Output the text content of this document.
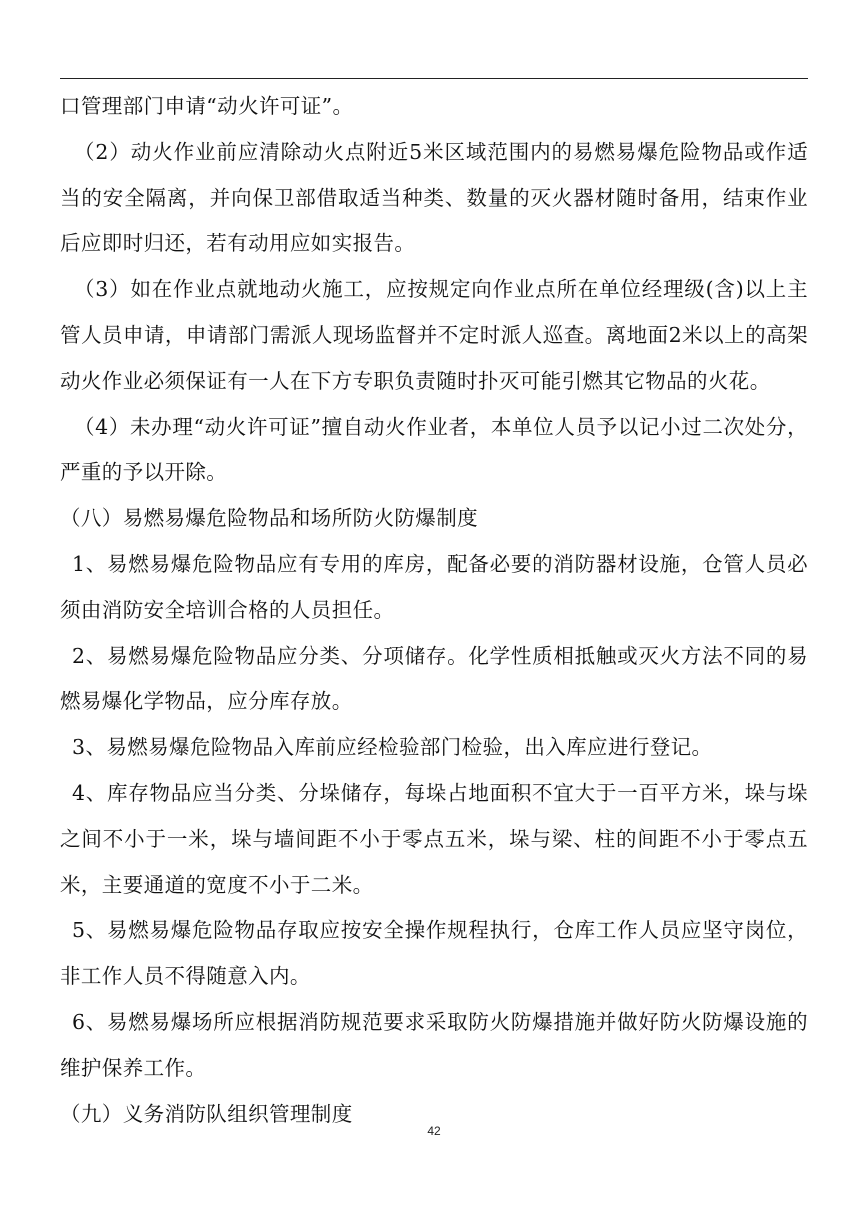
口管理部门申请“动火许可证”。

（2）动火作业前应清除动火点附近5米区域范围内的易燃易爆危险物品或作适当的安全隔离，并向保卫部借取适当种类、数量的灭火器材随时备用，结束作业后应即时归还，若有动用应如实报告。

（3）如在作业点就地动火施工，应按规定向作业点所在单位经理级(含)以上主管人员申请，申请部门需派人现场监督并不定时派人巡查。离地面2米以上的高架动火作业必须保证有一人在下方专职负责随时扑灭可能引燃其它物品的火花。

（4）未办理“动火许可证”擅自动火作业者，本单位人员予以记小过二次处分，严重的予以开除。

（八）易燃易爆危险物品和场所防火防爆制度

1、易燃易爆危险物品应有专用的库房，配备必要的消防器材设施，仓管人员必须由消防安全培训合格的人员担任。

2、易燃易爆危险物品应分类、分项储存。化学性质相抵触或灭火方法不同的易燃易爆化学物品，应分库存放。

3、易燃易爆危险物品入库前应经检验部门检验，出入库应进行登记。

4、库存物品应当分类、分垛储存，每垛占地面积不宜大于一百平方米，垛与垛之间不小于一米，垛与墙间距不小于零点五米，垛与梁、柱的间距不小于零点五米，主要通道的宽度不小于二米。

5、易燃易爆危险物品存取应按安全操作规程执行，仓库工作人员应坚守岗位，非工作人员不得随意入内。

6、易燃易爆场所应根据消防规范要求采取防火防爆措施并做好防火防爆设施的维护保养工作。

（九）义务消防队组织管理制度

42
